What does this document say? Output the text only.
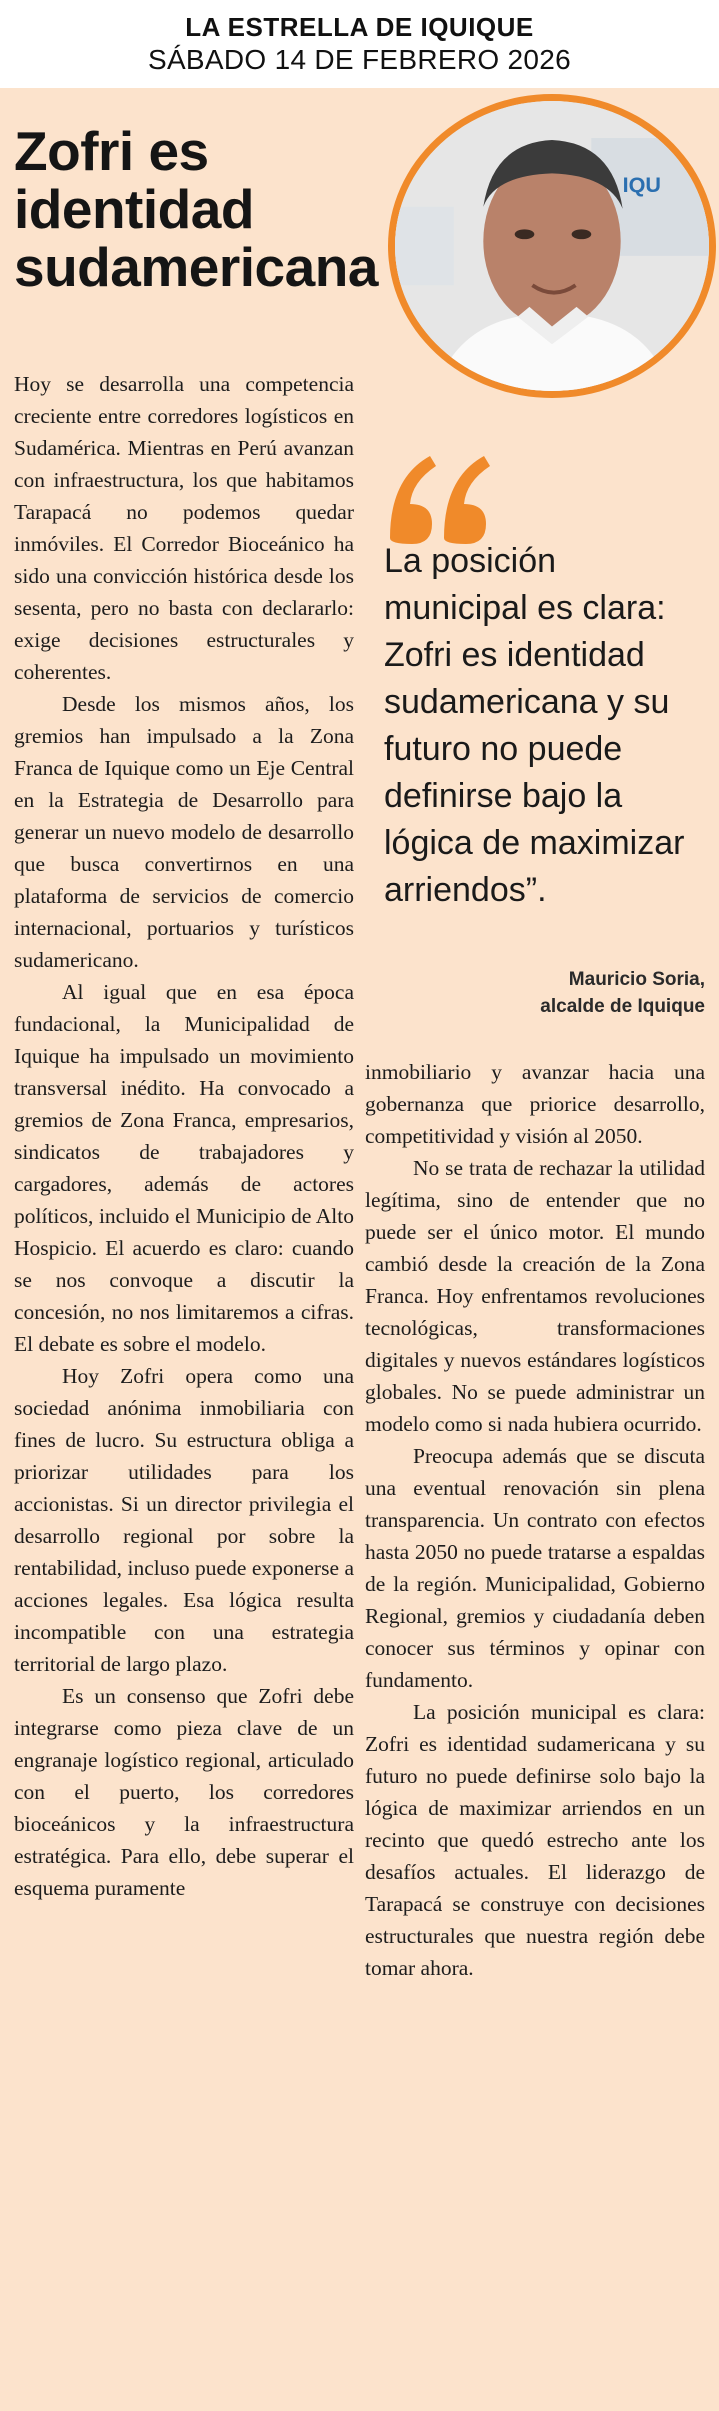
LA ESTRELLA DE IQUIQUE
SÁBADO 14 DE FEBRERO 2026
Zofri es identidad sudamericana
IQU
La posición municipal es clara: Zofri es identidad sudamericana y su futuro no puede definirse bajo la lógica de maximizar arriendos”.
Mauricio Soria,
alcalde de Iquique

Hoy se desarrolla una competencia creciente entre corredores logísticos en Sudamérica. Mientras en Perú avanzan con infraestructura, los que habitamos Tarapacá no podemos quedar inmóviles. El Corredor Bioceánico ha sido una convicción histórica desde los sesenta, pero no basta con declararlo: exige decisiones estructurales y coherentes.

Desde los mismos años, los gremios han impulsado a la Zona Franca de Iquique como un Eje Central en la Estrategia de Desarrollo para generar un nuevo modelo de desarrollo que busca convertirnos en una plataforma de servicios de comercio internacional, portuarios y turísticos sudamericano.

Al igual que en esa época fundacional, la Municipalidad de Iquique ha impulsado un movimiento transversal inédito. Ha convocado a gremios de Zona Franca, empresarios, sindicatos de trabajadores y cargadores, además de actores políticos, incluido el Municipio de Alto Hospicio. El acuerdo es claro: cuando se nos convoque a discutir la concesión, no nos limitaremos a cifras. El debate es sobre el modelo.

Hoy Zofri opera como una sociedad anónima inmobiliaria con fines de lucro. Su estructura obliga a priorizar utilidades para los accionistas. Si un director privilegia el desarrollo regional por sobre la rentabilidad, incluso puede exponerse a acciones legales. Esa lógica resulta incompatible con una estrategia territorial de largo plazo.

Es un consenso que Zofri debe integrarse como pieza clave de un engranaje logístico regional, articulado con el puerto, los corredores bioceánicos y la infraestructura estratégica. Para ello, debe superar el esquema puramente

inmobiliario y avanzar hacia una gobernanza que priorice desarrollo, competitividad y visión al 2050.

No se trata de rechazar la utilidad legítima, sino de entender que no puede ser el único motor. El mundo cambió desde la creación de la Zona Franca. Hoy enfrentamos revoluciones tecnológicas, transformaciones digitales y nuevos estándares logísticos globales. No se puede administrar un modelo como si nada hubiera ocurrido.

Preocupa además que se discuta una eventual renovación sin plena transparencia. Un contrato con efectos hasta 2050 no puede tratarse a espaldas de la región. Municipalidad, Gobierno Regional, gremios y ciudadanía deben conocer sus términos y opinar con fundamento.

La posición municipal es clara: Zofri es identidad sudamericana y su futuro no puede definirse solo bajo la lógica de maximizar arriendos en un recinto que quedó estrecho ante los desafíos actuales. El liderazgo de Tarapacá se construye con decisiones estructurales que nuestra región debe tomar ahora.
